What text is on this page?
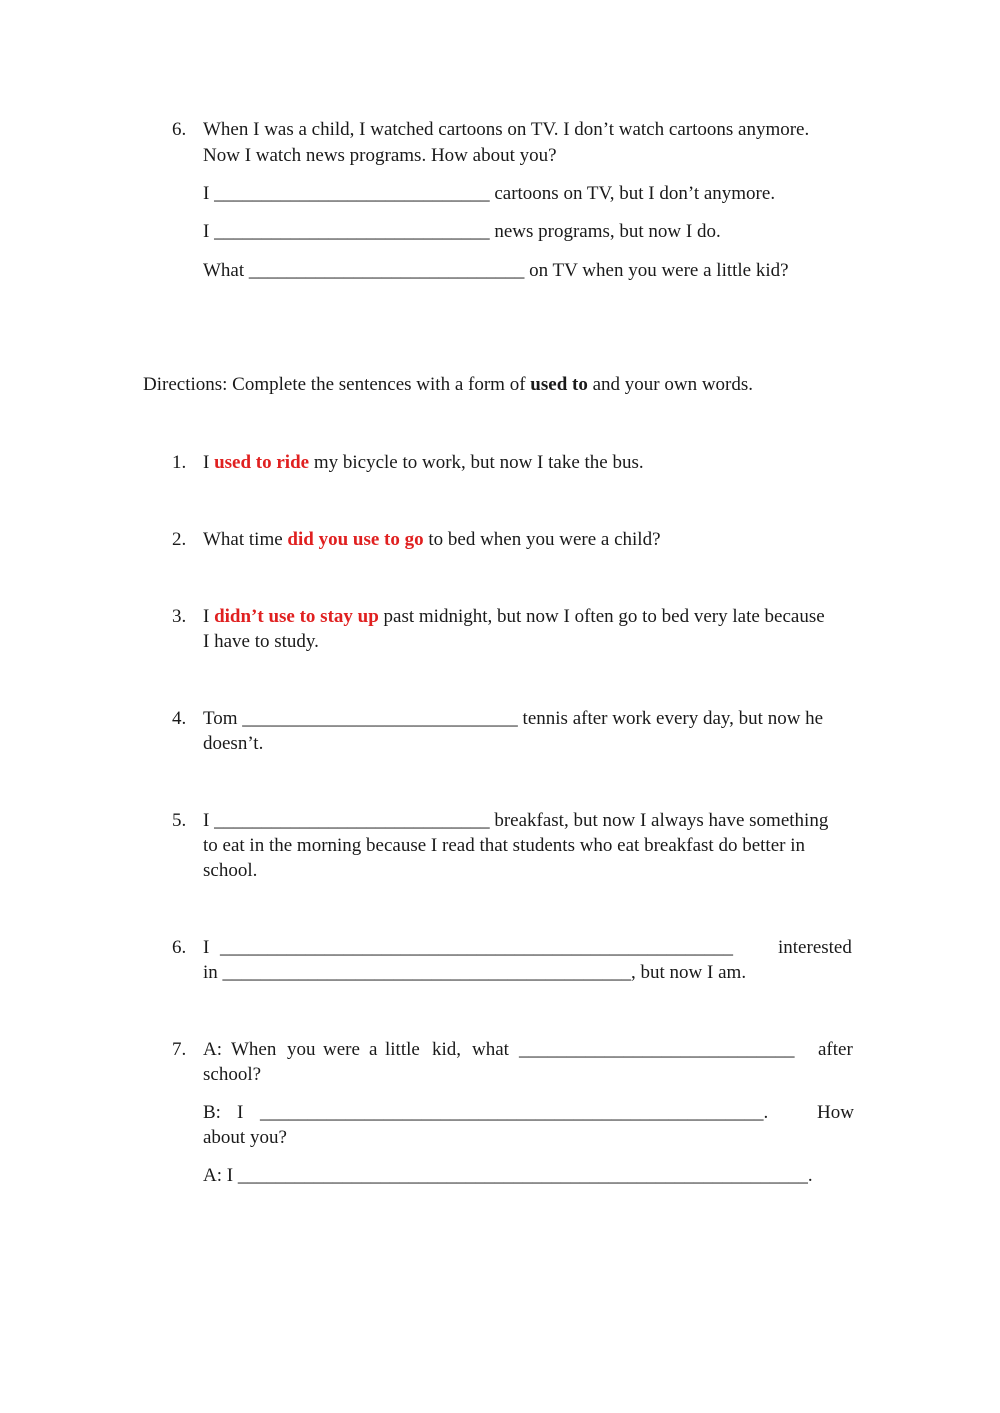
6. When I was a child, I watched cartoons on TV. I don’t watch cartoons anymore.
Now I watch news programs. How about you?
I _____________________________ cartoons on TV, but I don’t anymore.
I _____________________________ news programs, but now I do.
What _____________________________ on TV when you were a little kid?
Directions: Complete the sentences with a form of used to and your own words.
1. I used to ride my bicycle to work, but now I take the bus.
2. What time did you use to go to bed when you were a child?
3. I didn’t use to stay up past midnight, but now I often go to bed very late because
I have to study.
4. Tom _____________________________ tennis after work every day, but now he
doesn’t.
5. I _____________________________ breakfast, but now I always have something
to eat in the morning because I read that students who eat breakfast do better in
school.
6. I ______________________________________________________ interested
in ___________________________________________, but now I am.
7. A: When you were a little kid, what _____________________________ after
school?
B: I _____________________________________________________.	How
about you?
A: I ____________________________________________________________.
